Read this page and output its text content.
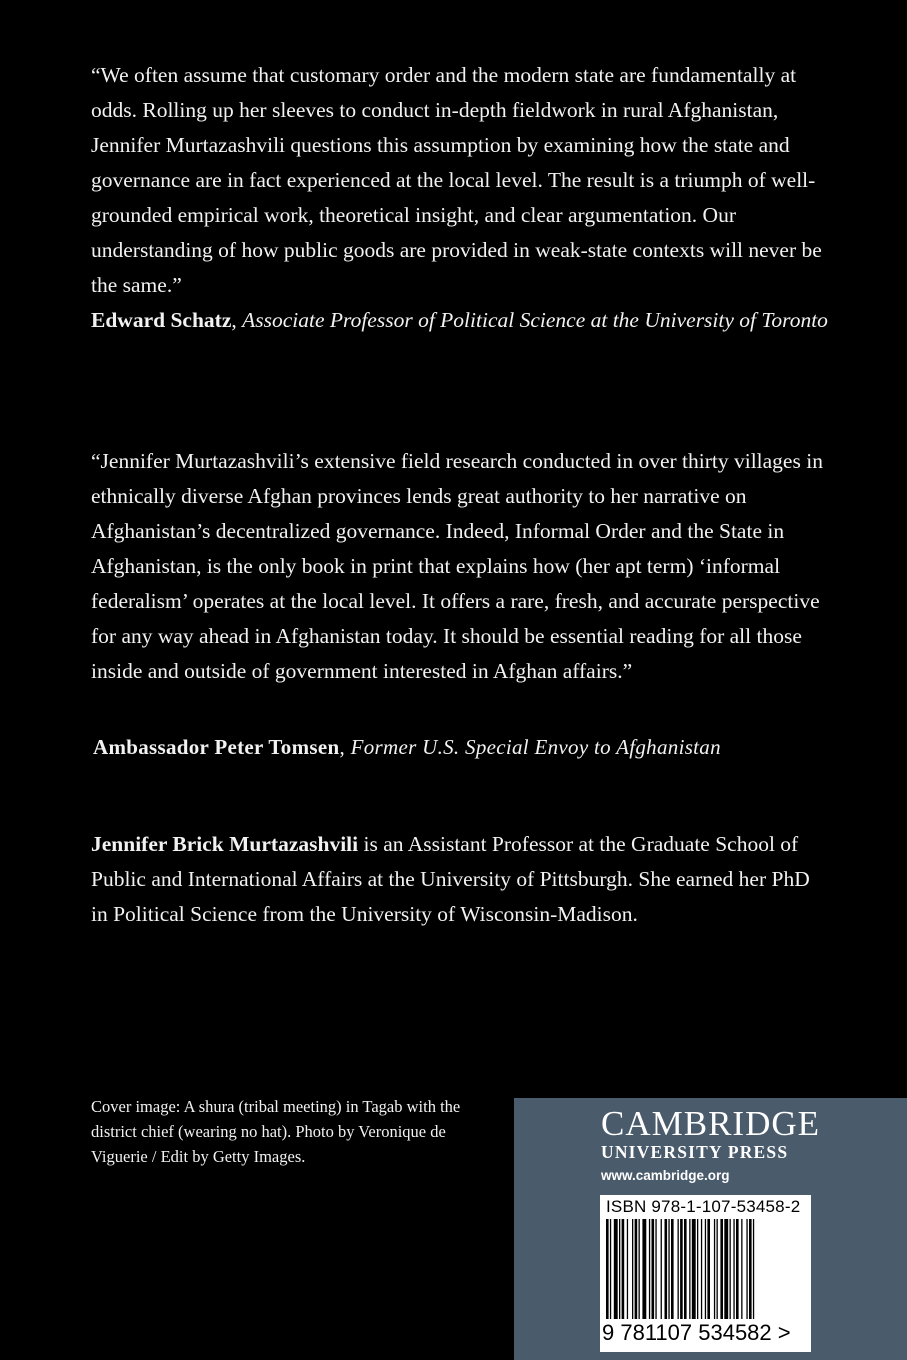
“We often assume that customary order and the modern state are fundamentally at odds. Rolling up her sleeves to conduct in-depth fieldwork in rural Afghanistan, Jennifer Murtazashvili questions this assumption by examining how the state and governance are in fact experienced at the local level. The result is a triumph of well-grounded empirical work, theoretical insight, and clear argumentation. Our understanding of how public goods are provided in weak-state contexts will never be the same.”
Edward Schatz, Associate Professor of Political Science at the University of Toronto

“Jennifer Murtazashvili’s extensive field research conducted in over thirty villages in ethnically diverse Afghan provinces lends great authority to her narrative on Afghanistan’s decentralized governance. Indeed, Informal Order and the State in Afghanistan, is the only book in print that explains how (her apt term) ‘informal federalism’ operates at the local level. It offers a rare, fresh, and accurate perspective for any way ahead in Afghanistan today. It should be essential reading for all those inside and outside of government interested in Afghan affairs.”

Ambassador Peter Tomsen, Former U.S. Special Envoy to Afghanistan

Jennifer Brick Murtazashvili is an Assistant Professor at the Graduate School of Public and International Affairs at the University of Pittsburgh. She earned her PhD in Political Science from the University of Wisconsin-Madison.

Cover image: A shura (tribal meeting) in Tagab with the district chief (wearing no hat). Photo by Veronique de Viguerie / Edit by Getty Images.

CAMBRIDGE
UNIVERSITY PRESS
www.cambridge.org
ISBN 978-1-107-53458-2
9 781107 534582 >
